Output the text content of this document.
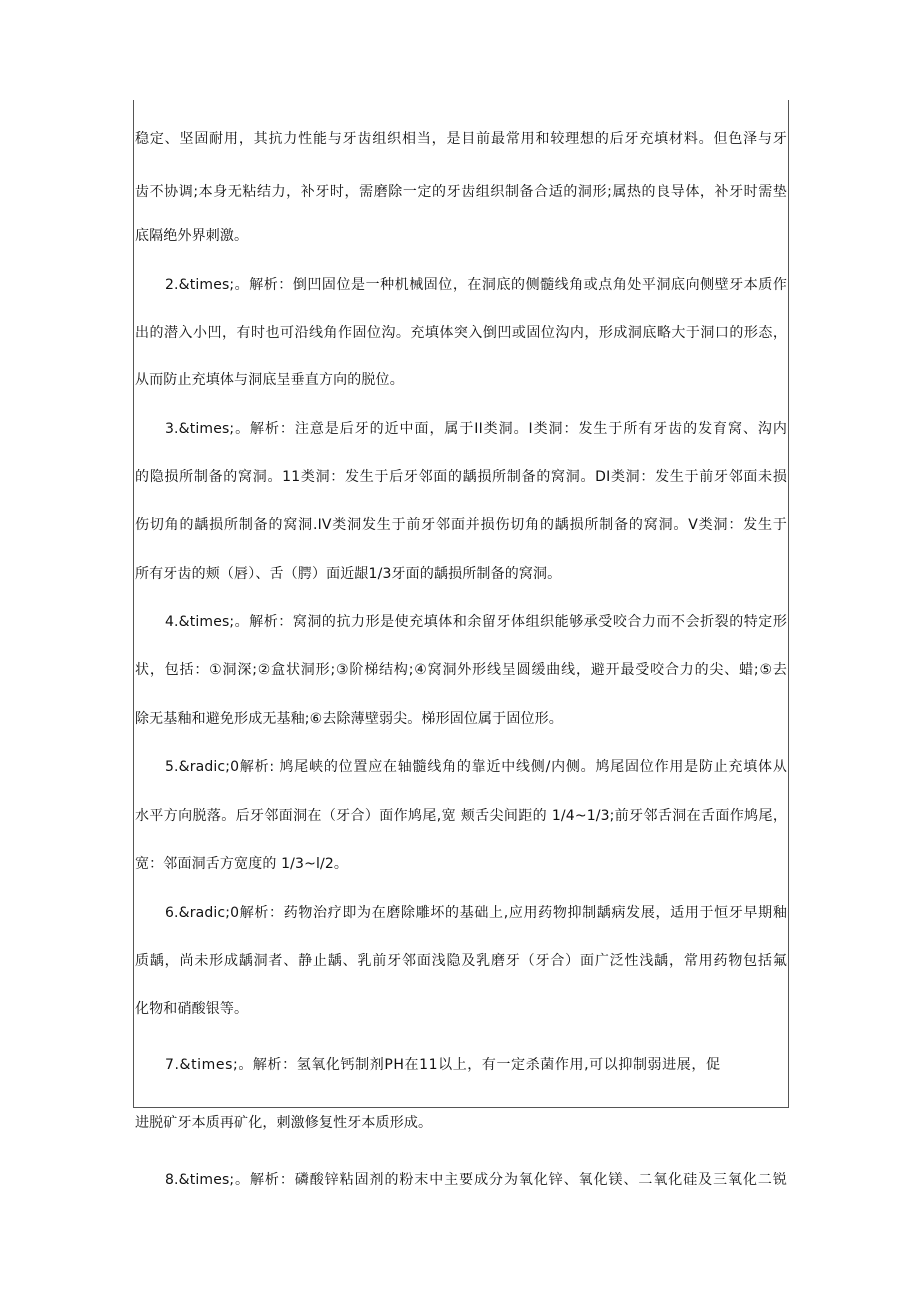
稳定、坚固耐用，其抗力性能与牙齿组织相当，是目前最常用和较理想的后牙充填材料。但色泽与牙
齿不协调;本身无粘结力，补牙时，需磨除一定的牙齿组织制备合适的洞形;属热的良导体，补牙时需垫
底隔绝外界刺激。
2.&times;。解析：倒凹固位是一种机械固位，在洞底的侧髓线角或点角处平洞底向侧壁牙本质作
出的潜入小凹，有时也可沿线角作固位沟。充填体突入倒凹或固位沟内，形成洞底略大于洞口的形态，
从而防止充填体与洞底呈垂直方向的脱位。
3.&times;。解析：注意是后牙的近中面，属于II类洞。I类洞：发生于所有牙齿的发育窝、沟内
的隐损所制备的窝洞。11类洞：发生于后牙邻面的龋损所制备的窝洞。DI类洞：发生于前牙邻面未损
伤切角的龋损所制备的窝洞.IV类洞发生于前牙邻面并损伤切角的龋损所制备的窝洞。V类洞：发生于
所有牙齿的颊（唇）、舌（腭）面近龈1/3牙面的龋损所制备的窝洞。
4.&times;。解析：窝洞的抗力形是使充填体和余留牙体组织能够承受咬合力而不会折裂的特定形
状，包括：①洞深;②盒状洞形;③阶梯结构;④窝洞外形线呈圆缓曲线，避开最受咬合力的尖、蜡;⑤去
除无基釉和避免形成无基釉;⑥去除薄壁弱尖。梯形固位属于固位形。
5.&radic;0解析: 鸠尾峡的位置应在轴髓线角的靠近中线侧/内侧。鸠尾固位作用是防止充填体从
水平方向脱落。后牙邻面洞在（牙合）面作鸠尾,宽 颊舌尖间距的 1/4~1/3;前牙邻舌洞在舌面作鸠尾，
宽：邻面洞舌方宽度的 1/3~l∕2。
6.&radic;0解析：药物治疗即为在磨除雕坏的基础上,应用药物抑制龋病发展，适用于恒牙早期釉
质龋，尚未形成龋洞者、静止龋、乳前牙邻面浅隐及乳磨牙（牙合）面广泛性浅龋，常用药物包括氟
化物和硝酸银等。
7.&times;。解析：氢氧化钙制剂PH在11以上，有一定杀菌作用,可以抑制弱进展，促
进脱矿牙本质再矿化，刺激修复性牙本质形成。
8.&times;。解析：磷酸锌粘固剂的粉末中主要成分为氧化锌、氧化镁、二氧化硅及三氧化二锐
